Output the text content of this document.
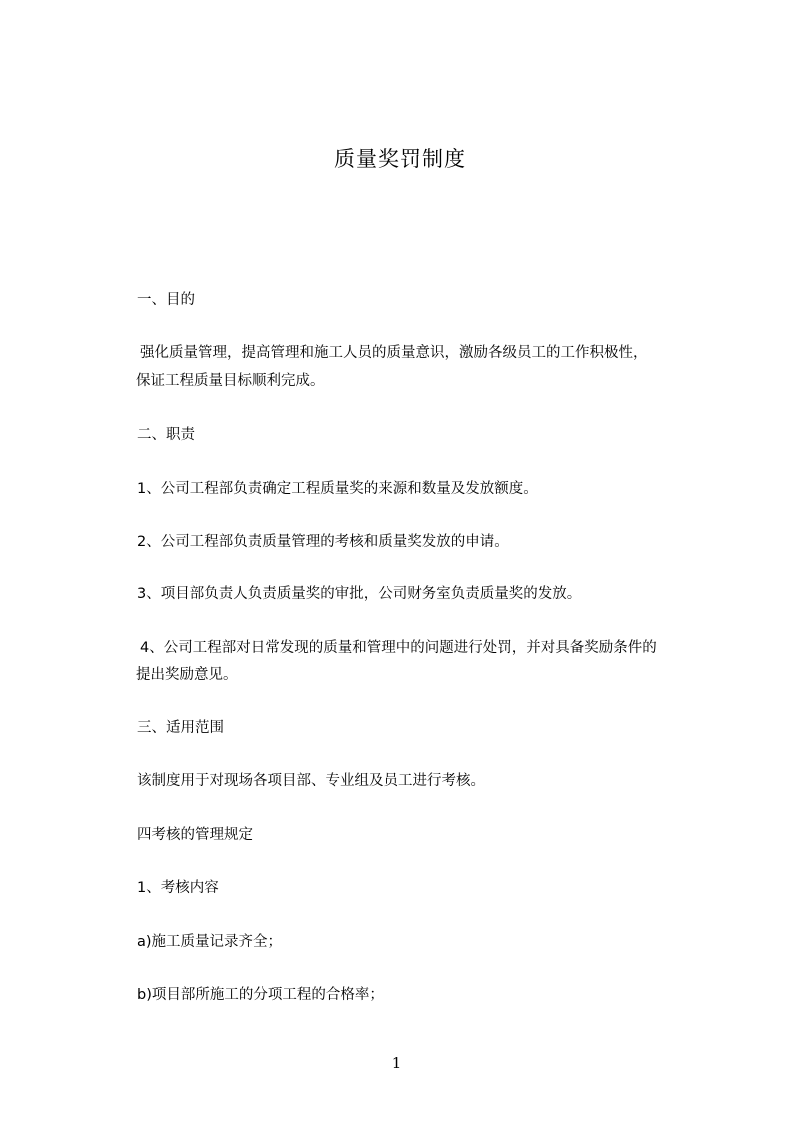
质量奖罚制度
一、目的
强化质量管理，提高管理和施工人员的质量意识，激励各级员工的工作积极性，
保证工程质量目标顺利完成。
二、职责
1、公司工程部负责确定工程质量奖的来源和数量及发放额度。
2、公司工程部负责质量管理的考核和质量奖发放的申请。
3、项目部负责人负责质量奖的审批，公司财务室负责质量奖的发放。
4、公司工程部对日常发现的质量和管理中的问题进行处罚，并对具备奖励条件的
提出奖励意见。
三、适用范围
该制度用于对现场各项目部、专业组及员工进行考核。
四考核的管理规定
1、考核内容
a)施工质量记录齐全；
b)项目部所施工的分项工程的合格率；
1
